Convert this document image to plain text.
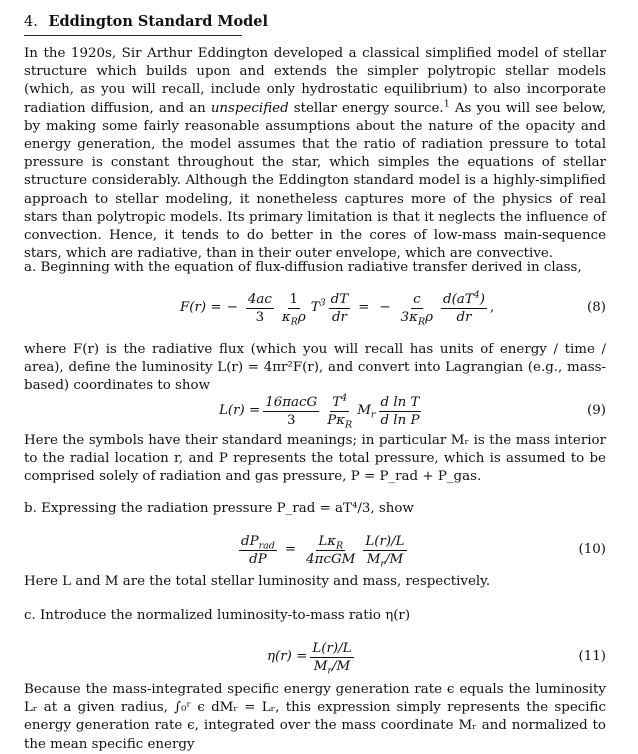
4. Eddington Standard Model

In the 1920s, Sir Arthur Eddington developed a classical simplified model of stellar structure which builds upon and extends the simpler polytropic stellar models (which, as you will recall, include only hydrostatic equilibrium) to also incorporate radiation diffusion, and an unspecified stellar energy source.$^1$ As you will see below, by making some fairly reasonable assumptions about the nature of the opacity and energy generation, the model assumes that the ratio of radiation pressure to total pressure is constant throughout the star, which simples the equations of stellar structure considerably. Although the Eddington standard model is a highly-simplified approach to stellar modeling, it nonetheless captures more of the physics of real stars than polytropic models. Its primary limitation is that it neglects the influence of convection. Hence, it tends to do better in the cores of low-mass main-sequence stars, which are radiative, than in their outer envelope, which are convective.

a. Beginning with the equation of flux-diffusion radiative transfer derived in class,

F(r) = − $\frac{4ac}{3} \frac{1}{\kappa_R\rho} T^3 \frac{dT}{dr}$ = − $\frac{c}{3\kappa_R\rho} \frac{d(aT^4)}{dr}$ ,	(8)

where F(r) is the radiative flux (which you will recall has units of energy / time / area), define the luminosity L(r) = 4πr²F(r), and convert into Lagrangian (e.g., mass-based) coordinates to show

$L(r) = \frac{\text{16πacG}}{3} \frac{T^4}{P\kappa_R} M_r \frac{\text{d ln T}}{\text{d ln P}}$	(9)

Here the symbols have their standard meanings; in particular Mᵣ is the mass interior to the radial location r, and P represents the total pressure, which is assumed to be comprised solely of radiation and gas pressure, P = P_rad + P_gas.

b. Expressing the radiation pressure P_rad = aT⁴/3, show

$\frac{dP_{rad}}{dP} = \frac{L\kappa_R}{\text{4πcGM}} \frac{L(r)/L}{M_r/M}$	(10)

Here L and M are the total stellar luminosity and mass, respectively.

c. Introduce the normalized luminosity-to-mass ratio η(r)

$\eta(r) = \frac{L(r)/L}{M_r/M}$	(11)

Because the mass-integrated specific energy generation rate ϵ equals the luminosity Lᵣ at a given radius, ∫₀ʳ ϵ dMᵣ = Lᵣ, this expression simply represents the specific energy generation rate ϵ, integrated over the mass coordinate Mᵣ and normalized to the mean specific energy
